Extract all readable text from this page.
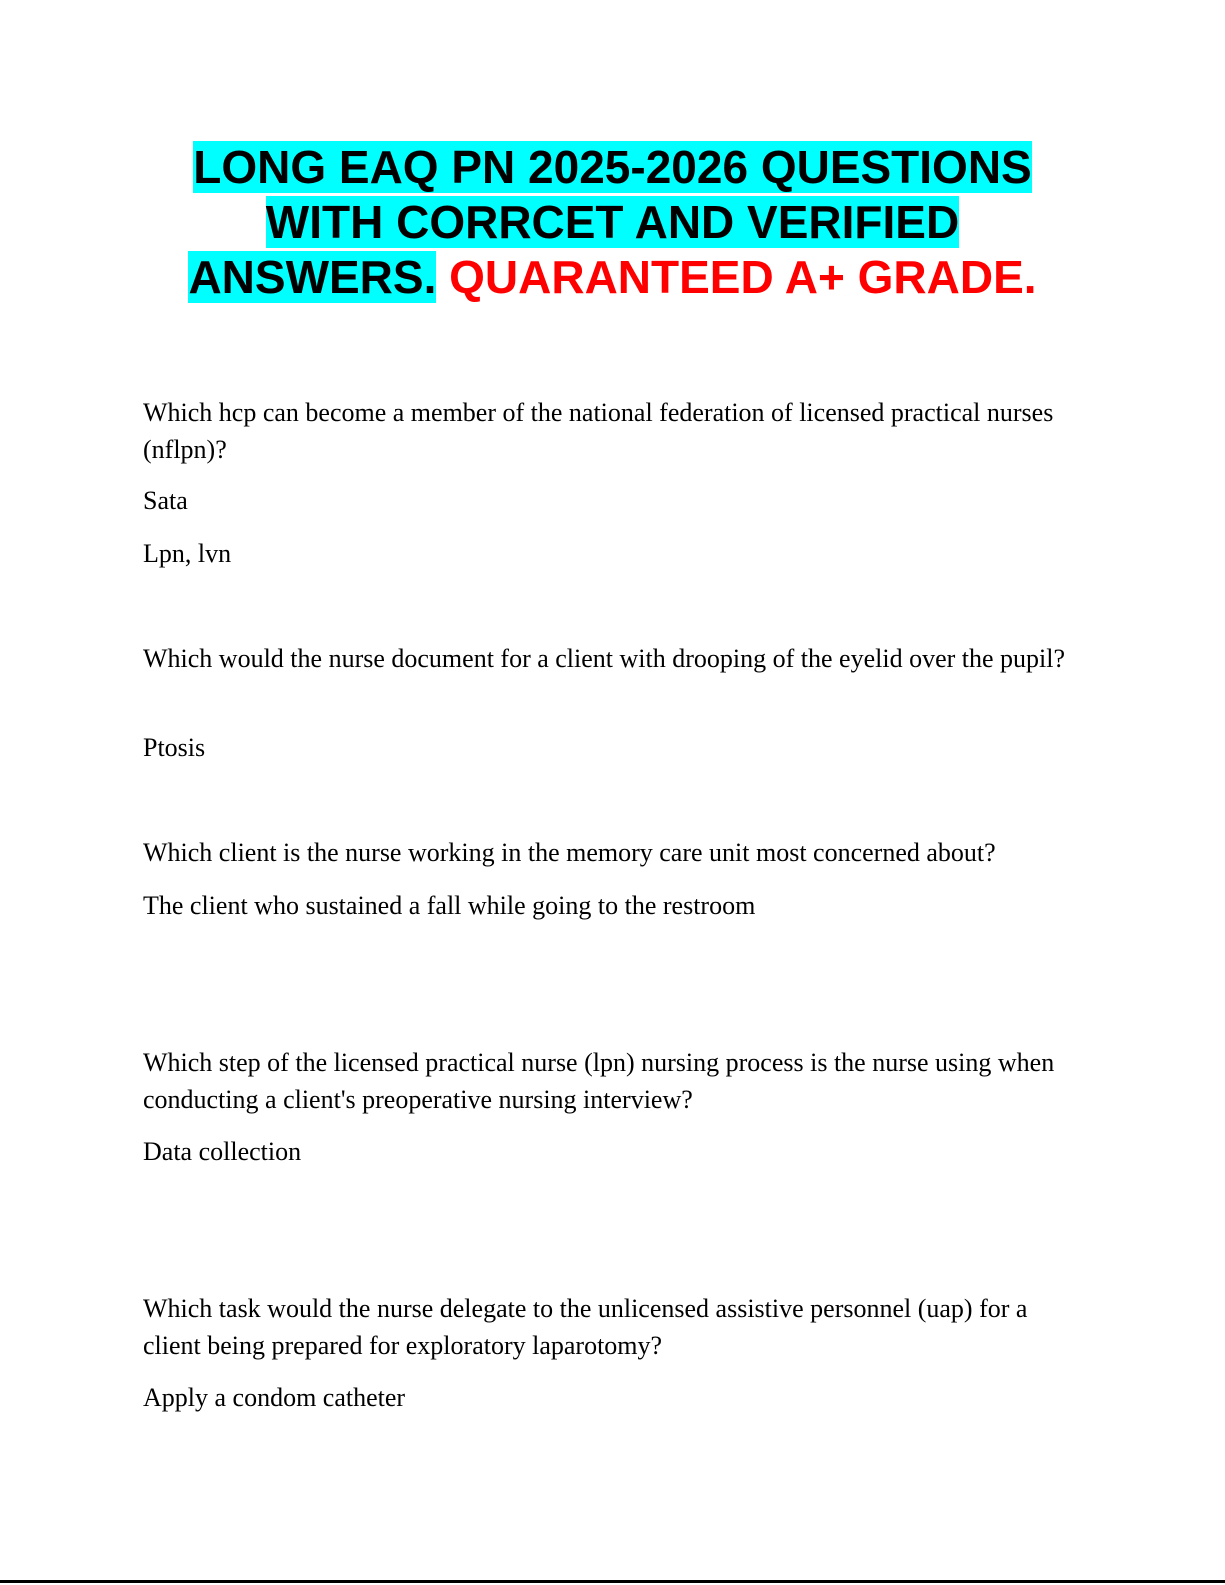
LONG EAQ PN 2025-2026 QUESTIONS
WITH CORRCET AND VERIFIED
ANSWERS. QUARANTEED A+ GRADE.

Which hcp can become a member of the national federation of licensed practical nurses (nflpn)?

Sata

Lpn, lvn

Which would the nurse document for a client with drooping of the eyelid over the pupil?

Ptosis

Which client is the nurse working in the memory care unit most concerned about?

The client who sustained a fall while going to the restroom

Which step of the licensed practical nurse (lpn) nursing process is the nurse using when conducting a client's preoperative nursing interview?

Data collection

Which task would the nurse delegate to the unlicensed assistive personnel (uap) for a client being prepared for exploratory laparotomy?

Apply a condom catheter
